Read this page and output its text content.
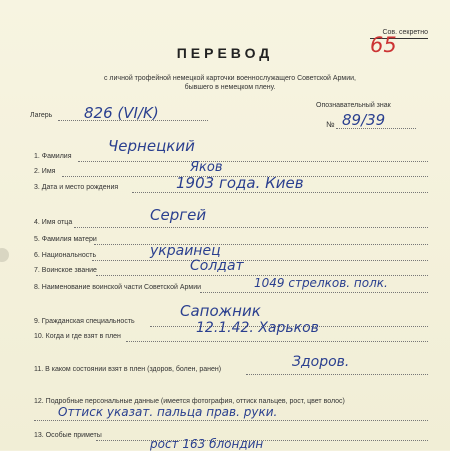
Сов. секретно
65
ПЕРЕВОД
с личной трофейной немецкой карточки военнослужащего Советской Армии,
бывшего в немецком плену.
Лагерь 826 (VI/K)	Опознавательный знак
№ 89/39
1. Фамилия
Чернецкий
2. Имя	Яков
3. Дата и место рождения	1903 года. Киев
4. Имя отца	Сергей
5. Фамилия матери
6. Национальность	украинец
7. Воинское звание	Солдат
8. Наименование воинской части Советской Армии	1049 стрелков. полк.
9. Гражданская специальность
Сапожник
10. Когда и где взят в плен
12.1.42. Харьков
11. В каком состоянии взят в плен (здоров, болен, ранен)	Здоров.
12. Подробные персональные данные (имеется фотография, оттиск пальцев, рост, цвет волос)
Оттиск указат. пальца прав. руки.
13. Особые приметы
рост 163 блондин
